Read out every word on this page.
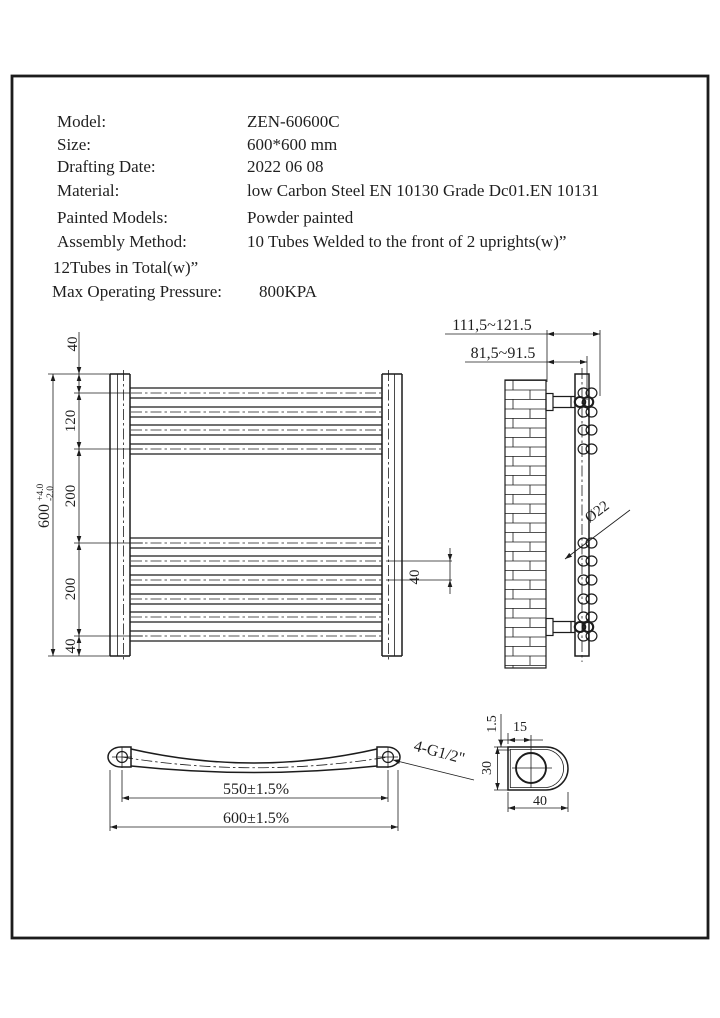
Model:	ZEN-60600C
Size:	600*600 mm
Drafting Date:	2022 06 08
Material:	low Carbon Steel EN 10130 Grade Dc01.EN 10131
Painted Models:	Powder painted
Assembly Method:	10 Tubes Welded to the front of 2 uprights(w)”
12Tubes in Total(w)”
Max Operating Pressure: 800KPA
600
+4.0 -2.0
40
120
200
200
40
40
111,5~121.5
81,5~91.5
Ø22
550±1.5%
600±1.5%
4-G1/2"
15
1.5
30
40
